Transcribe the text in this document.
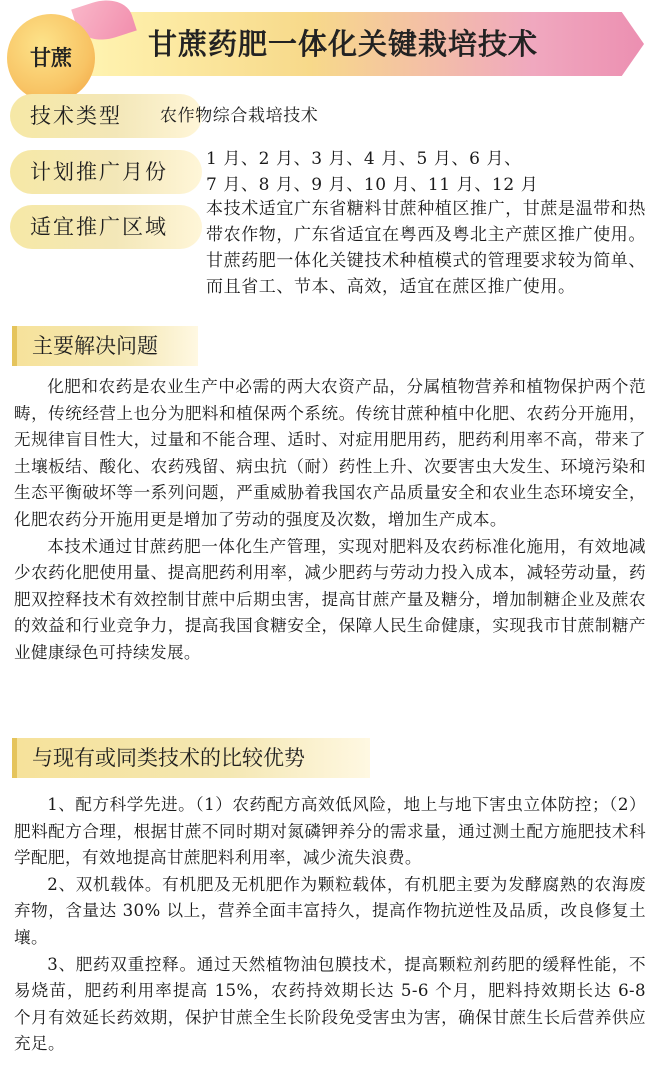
甘蔗	甘蔗药肥一体化关键栽培技术
技术类型	农作物综合栽培技术
计划推广月份
1 月、2 月、3 月、4 月、5 月、6 月、
7 月、8 月、9 月、10 月、11 月、12 月
适宜推广区域
本技术适宜广东省糖料甘蔗种植区推广，甘蔗是温带和热带农作物，广东省适宜在粤西及粤北主产蔗区推广使用。甘蔗药肥一体化关键技术种植模式的管理要求较为简单、而且省工、节本、高效，适宜在蔗区推广使用。
主要解决问题

化肥和农药是农业生产中必需的两大农资产品，分属植物营养和植物保护两个范畴，传统经营上也分为肥料和植保两个系统。传统甘蔗种植中化肥、农药分开施用，无规律盲目性大，过量和不能合理、适时、对症用肥用药，肥药利用率不高，带来了土壤板结、酸化、农药残留、病虫抗（耐）药性上升、次要害虫大发生、环境污染和生态平衡破坏等一系列问题，严重威胁着我国农产品质量安全和农业生态环境安全，化肥农药分开施用更是增加了劳动的强度及次数，增加生产成本。

本技术通过甘蔗药肥一体化生产管理，实现对肥料及农药标准化施用，有效地减少农药化肥使用量、提高肥药利用率，减少肥药与劳动力投入成本，减轻劳动量，药肥双控释技术有效控制甘蔗中后期虫害，提高甘蔗产量及糖分，增加制糖企业及蔗农的效益和行业竞争力，提高我国食糖安全，保障人民生命健康，实现我市甘蔗制糖产业健康绿色可持续发展。

与现有或同类技术的比较优势

1、配方科学先进。（1）农药配方高效低风险，地上与地下害虫立体防控；（2）肥料配方合理，根据甘蔗不同时期对氮磷钾养分的需求量，通过测土配方施肥技术科学配肥，有效地提高甘蔗肥料利用率，减少流失浪费。

2、双机载体。有机肥及无机肥作为颗粒载体，有机肥主要为发酵腐熟的农海废弃物，含量达 30% 以上，营养全面丰富持久，提高作物抗逆性及品质，改良修复土壤。

3、肥药双重控释。通过天然植物油包膜技术，提高颗粒剂药肥的缓释性能，不易烧苗，肥药利用率提高 15%，农药持效期长达 5-6 个月，肥料持效期长达 6-8 个月有效延长药效期，保护甘蔗全生长阶段免受害虫为害，确保甘蔗生长后营养供应充足。
